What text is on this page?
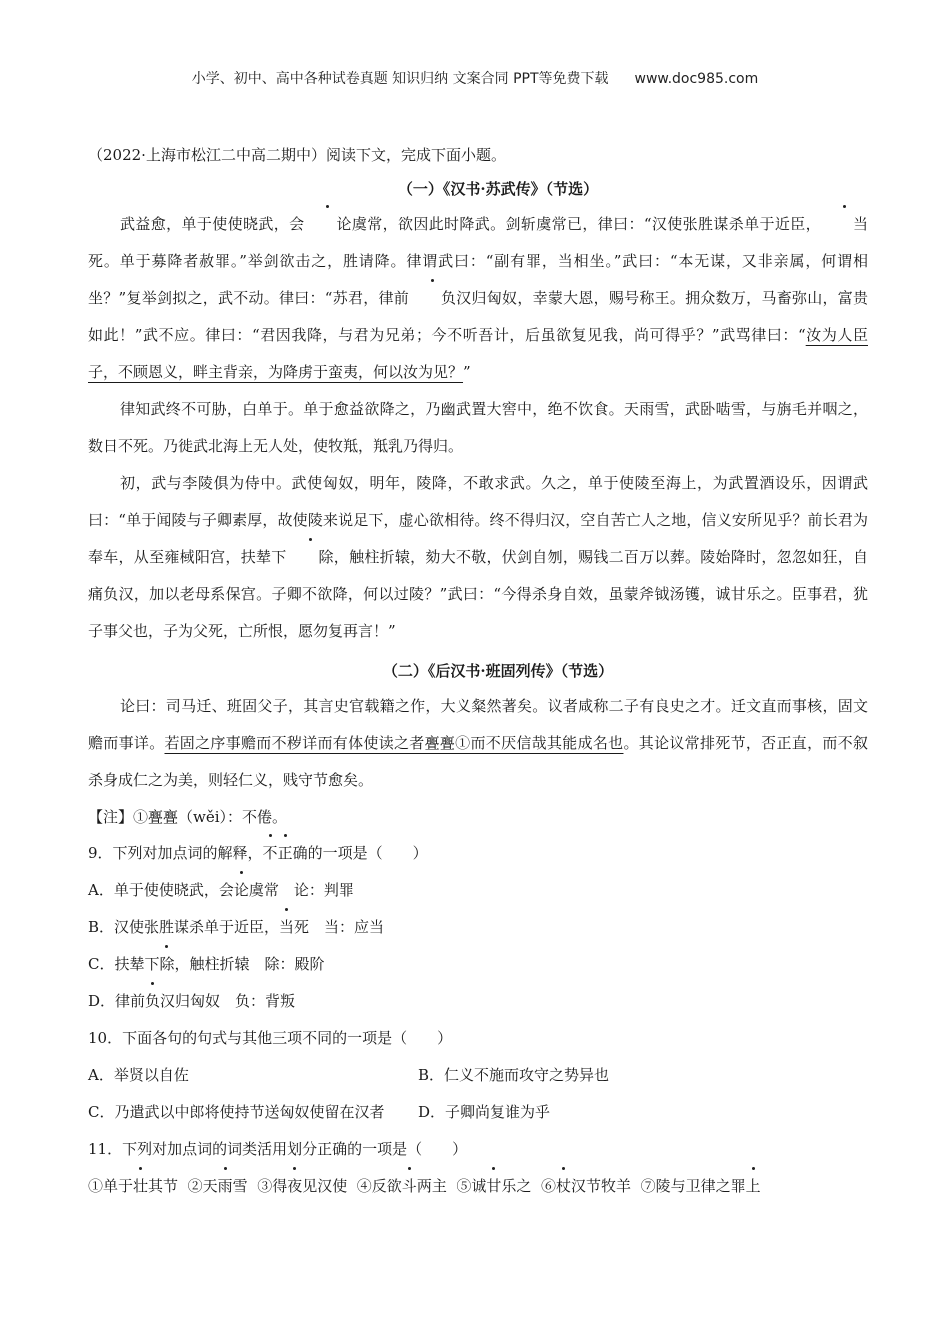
小学、初中、高中各种试卷真题 知识归纳 文案合同 PPT等免费下载 www.doc985.com

（2022·上海市松江二中高二期中）阅读下文，完成下面小题。

（一）《汉书·苏武传》（节选）

武益愈，单于使使晓武，会 论虞常，欲因此时降武。剑斩虞常已，律曰：“汉使张胜谋杀单于近臣， 当死。单于募降者赦罪。”举剑欲击之，胜请降。律谓武曰：“副有罪，当相坐。”武曰：“本无谋，又非亲属，何谓相坐？”复举剑拟之，武不动。律曰：“苏君，律前 负汉归匈奴，幸蒙大恩，赐号称王。拥众数万，马畜弥山，富贵如此！”武不应。律曰：“君因我降，与君为兄弟；今不听吾计，后虽欲复见我，尚可得乎？”武骂律曰：“汝为人臣子，不顾恩义，畔主背亲，为降虏于蛮夷，何以汝为见？”

律知武终不可胁，白单于。单于愈益欲降之，乃幽武置大窖中，绝不饮食。天雨雪，武卧啮雪，与旃毛并咽之，数日不死。乃徙武北海上无人处，使牧羝，羝乳乃得归。

初，武与李陵俱为侍中。武使匈奴，明年，陵降，不敢求武。久之，单于使陵至海上，为武置酒设乐，因谓武曰：“单于闻陵与子卿素厚，故使陵来说足下，虚心欲相待。终不得归汉，空自苦亡人之地，信义安所见乎？前长君为奉车，从至雍棫阳宫，扶辇下 除，触柱折辕，劾大不敬，伏剑自刎，赐钱二百万以葬。陵始降时，忽忽如狂，自痛负汉，加以老母系保宫。子卿不欲降，何以过陵？”武曰：“今得杀身自效，虽蒙斧钺汤镬，诚甘乐之。臣事君，犹子事父也，子为父死，亡所恨，愿勿复再言！”

（二）《后汉书·班固列传》（节选）

论曰：司马迁、班固父子，其言史官载籍之作，大义粲然著矣。议者咸称二子有良史之才。迁文直而事核，固文赡而事详。若固之序事赡而不秽详而有体使读之者亹亹①而不厌信哉其能成名也。其论议常排死节，否正直，而不叙杀身成仁之为美，则轻仁义，贱守节愈矣。

【注】①亹亹（wěi）：不倦。

9．下列对加点词的解释，不正确的一项是（　　）

A．单于使使晓武，会论虞常　论：判罪

B．汉使张胜谋杀单于近臣，当死　当：应当

C．扶辇下除，触柱折辕　除：殿阶

D．律前负汉归匈奴　负：背叛

10．下面各句的句式与其他三项不同的一项是（　　）

A．举贤以自佐	B．仁义不施而攻守之势异也
C．乃遣武以中郎将使持节送匈奴使留在汉者	D．子卿尚复谁为乎

11．下列对加点词的词类活用划分正确的一项是（　　）

①单于壮其节 ②天雨雪 ③得夜见汉使 ④反欲斗两主 ⑤诚甘乐之 ⑥杖汉节牧羊 ⑦陵与卫律之罪上
